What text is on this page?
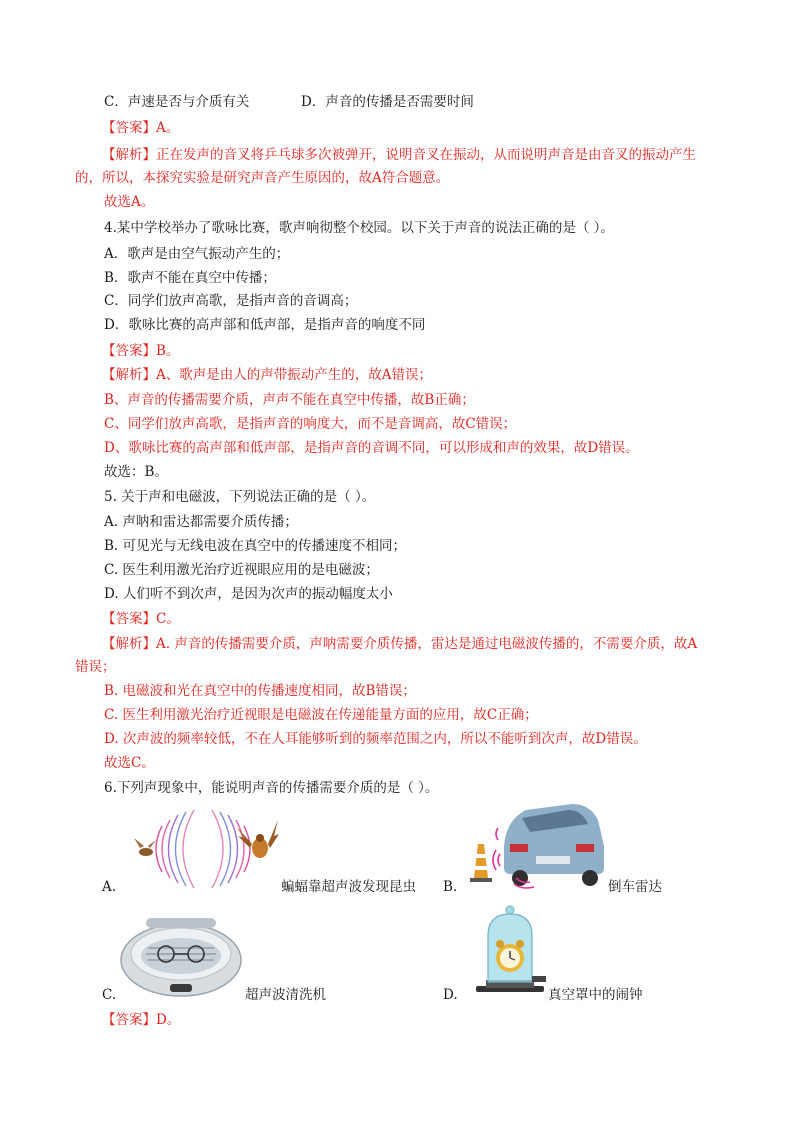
C．声速是否与介质有关	D．声音的传播是否需要时间
【答案】A。
【解析】正在发声的音叉将乒乓球多次被弹开，说明音叉在振动，从而说明声音是由音叉的振动产生
的，所以，本探究实验是研究声音产生原因的，故A符合题意。
故选A。
4.某中学校举办了歌咏比赛，歌声响彻整个校园。以下关于声音的说法正确的是（ ）。
A．歌声是由空气振动产生的；
B．歌声不能在真空中传播；
C．同学们放声高歌，是指声音的音调高；
D．歌咏比赛的高声部和低声部，是指声音的响度不同
【答案】B。
【解析】A、歌声是由人的声带振动产生的，故A错误；
B、声音的传播需要介质，声声不能在真空中传播，故B正确；
C、同学们放声高歌，是指声音的响度大，而不是音调高，故C错误；
D、歌咏比赛的高声部和低声部，是指声音的音调不同，可以形成和声的效果，故D错误。
故选：B。
5. 关于声和电磁波，下列说法正确的是（ ）。
A. 声呐和雷达都需要介质传播；
B. 可见光与无线电波在真空中的传播速度不相同；
C. 医生利用激光治疗近视眼应用的是电磁波；
D. 人们听不到次声，是因为次声的振动幅度太小
【答案】C。
【解析】A. 声音的传播需要介质，声呐需要介质传播，雷达是通过电磁波传播的，不需要介质，故A
错误；
B. 电磁波和光在真空中的传播速度相同，故B错误；
C. 医生利用激光治疗近视眼是电磁波在传递能量方面的应用，故C正确；
D. 次声波的频率较低，不在人耳能够听到的频率范围之内，所以不能听到次声，故D错误。
故选C。
6.下列声现象中，能说明声音的传播需要介质的是（ ）。
A.	蝙蝠靠超声波发现昆虫 B.	倒车雷达
C.	超声波清洗机	D.	真空罩中的闹钟
【答案】D。
